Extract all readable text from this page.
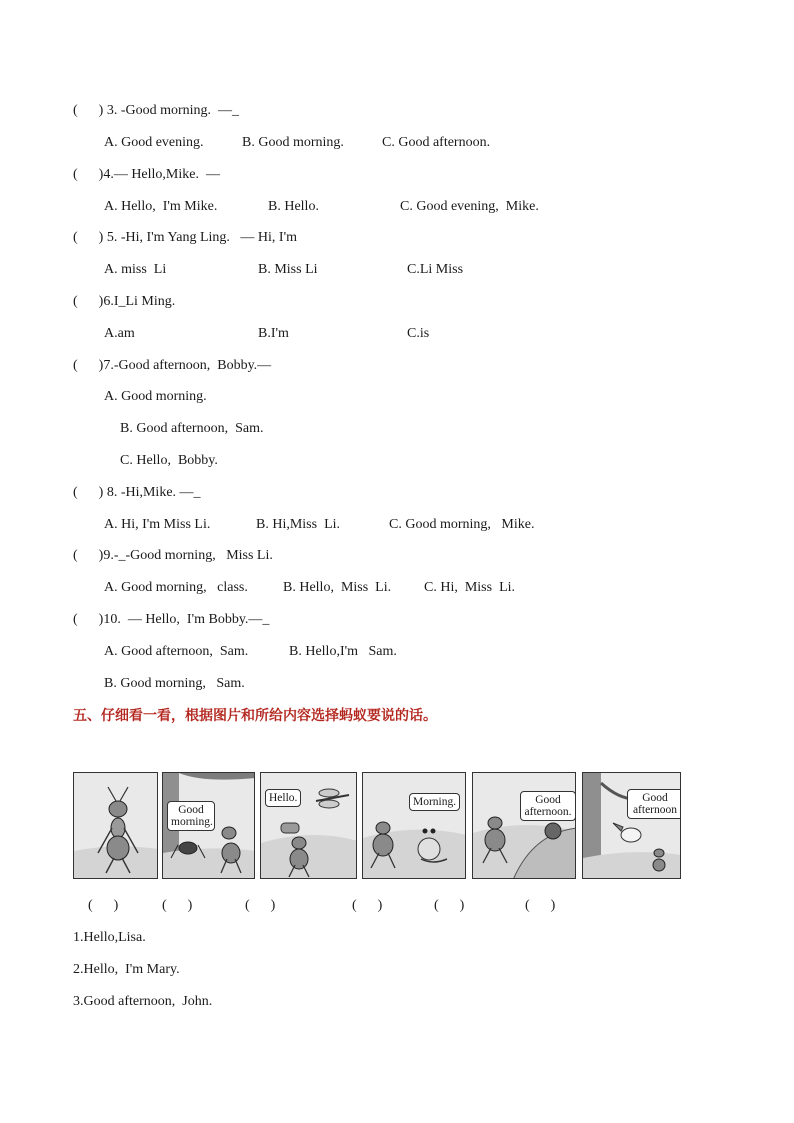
(      ) 3. -Good morning.  —_
A. Good evening.	B. Good morning.	C. Good afternoon.
(      )4.— Hello,Mike.  —
A. Hello,  I'm Mike.	B. Hello.	C. Good evening,  Mike.
(      ) 5. -Hi, I'm Yang Ling.   — Hi, I'm
A. miss  Li	B. Miss Li	C.Li Miss
(      )6.I_Li Ming.
A.am	B.I'm	C.is
(      )7.-Good afternoon,  Bobby.—
A. Good morning.
B. Good afternoon,  Sam.
C. Hello,  Bobby.
(      ) 8. -Hi,Mike. —_
A. Hi, I'm Miss Li.	B. Hi,Miss  Li.	C. Good morning,   Mike.
(      )9.-_-Good morning,   Miss Li.
A. Good morning,   class.	B. Hello,  Miss  Li. C. Hi,  Miss  Li.
(      )10.  — Hello,  I'm Bobby.—_
A. Good afternoon,  Sam.	B. Hello,I'm   Sam.
B. Good morning,   Sam.
五、仔细看一看，根据图片和所给内容选择蚂蚁要说的话。
Good morning.
Hello.	Morning.	Good afternoon.
Good afternoon
(      )	(      )	(      )	(      )	(      )	(      )
1.Hello,Lisa.
2.Hello,  I'm Mary.
3.Good afternoon,  John.
